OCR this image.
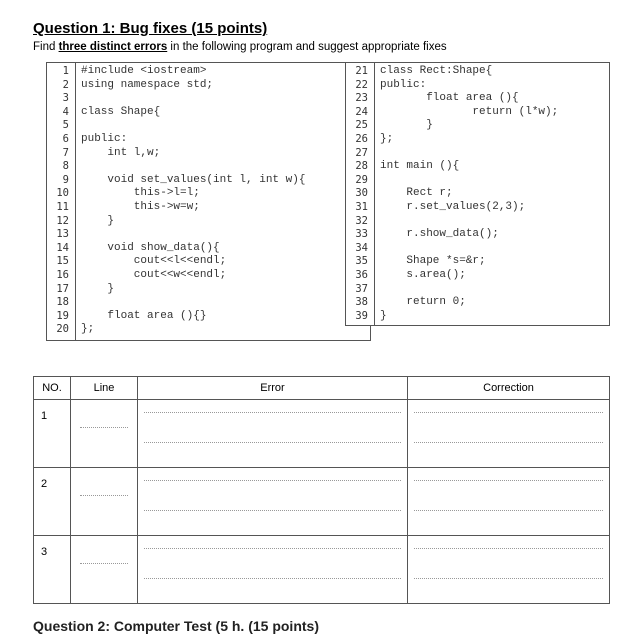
Question 1: Bug fixes (15 points)
Find three distinct errors in the following program and suggest appropriate fixes
1 #include <iostream>
2 using namespace std;
3
4 class Shape{
5
6 public:
7 int l,w;
8
9 void set_values(int l, int w){
10 this->l=l;
11 this->w=w;
12 }
13
14 void show_data(){
15 cout<<l<<endl;
16 cout<<w<<endl;
17 }
18
19 float area (){}
20 };
21 class Rect:Shape{
22 public:
23 float area (){
24 return (l*w);
25 }
26 };
27
28 int main (){
29
30 Rect r;
31 r.set_values(2,3);
32
33 r.show_data();
34
35 Shape *s=&r;
36 s.area();
37
38 return 0;
39 }
NO.	Line	Error	Correction
1	

2	

3	

Question 2: Computer Test (5 h. (15 points)
